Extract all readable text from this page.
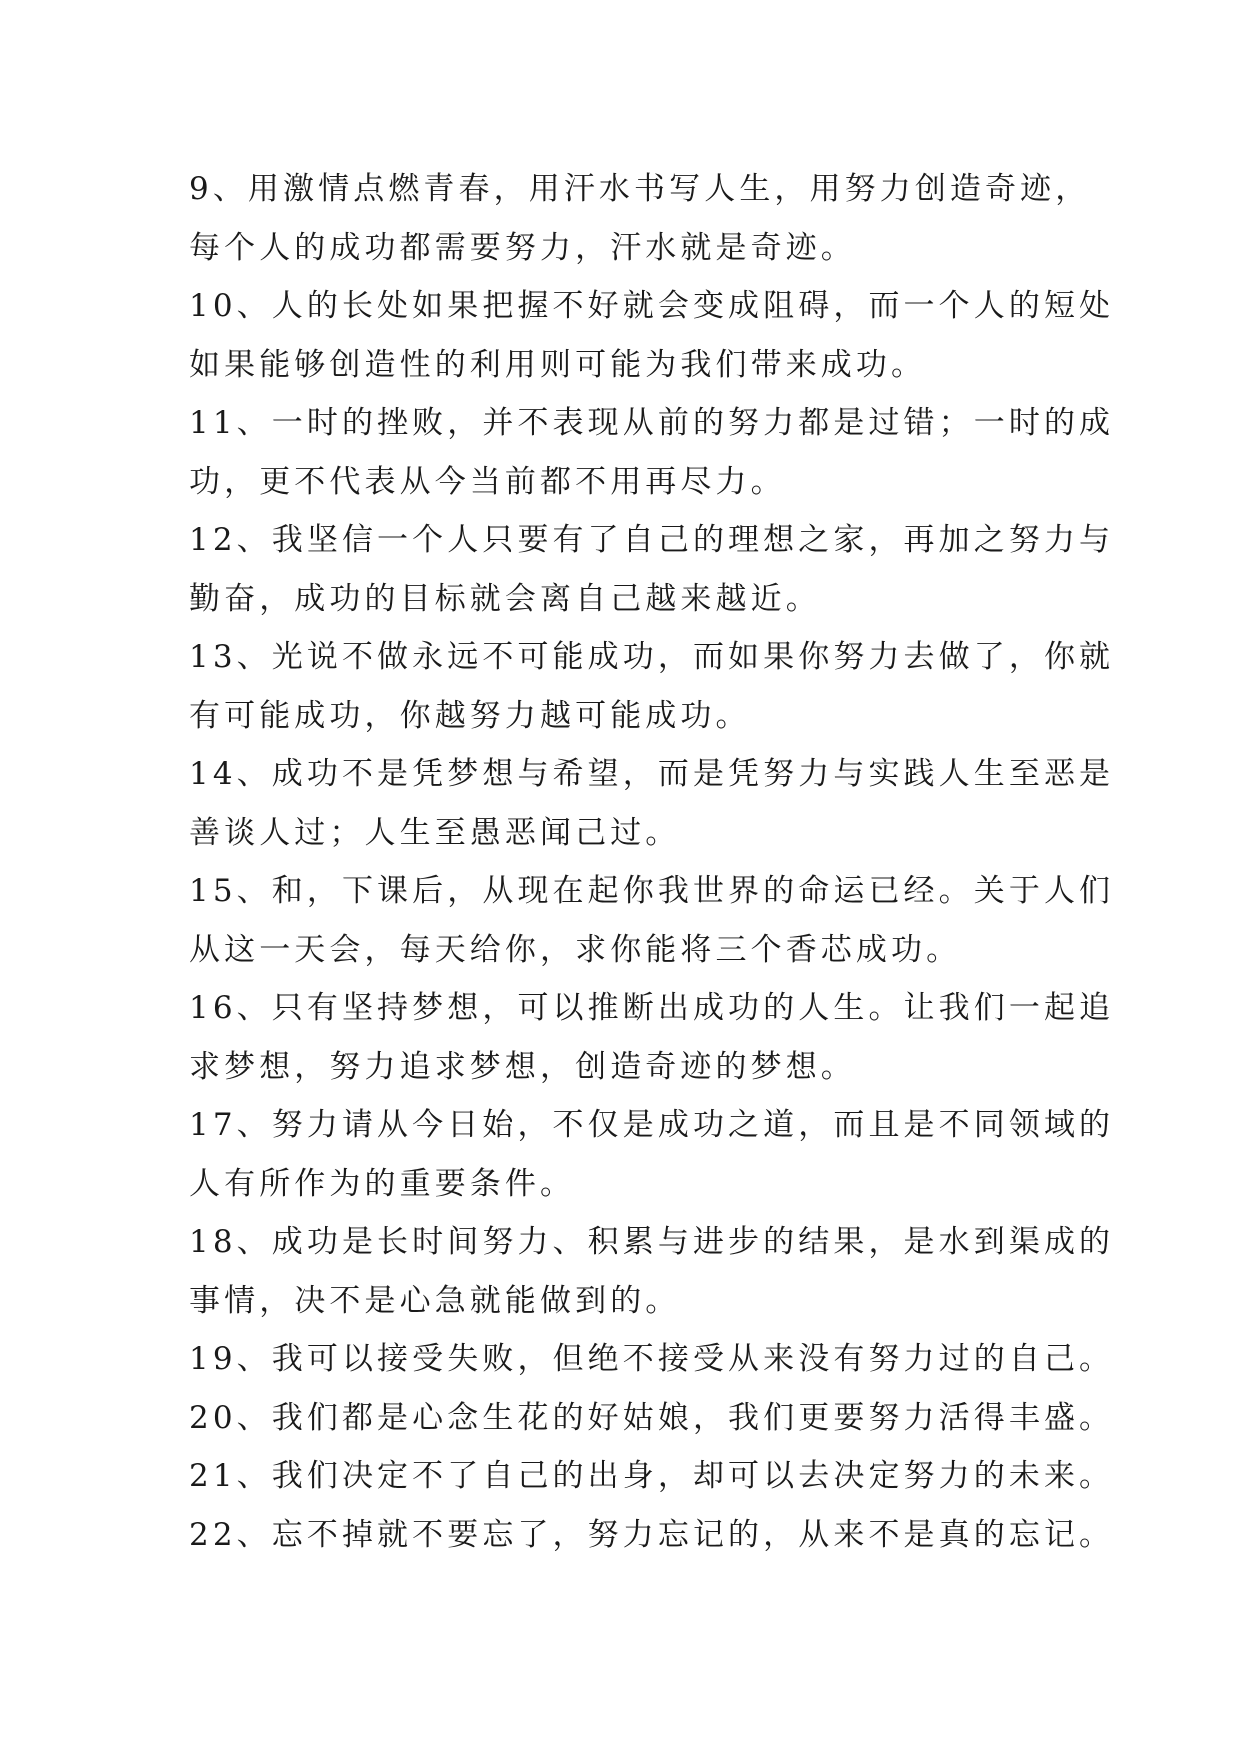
9、用激情点燃青春，用汗水书写人生，用努力创造奇迹，
每个人的成功都需要努力，汗水就是奇迹。
10、人的长处如果把握不好就会变成阻碍，而一个人的短处
如果能够创造性的利用则可能为我们带来成功。
11、一时的挫败，并不表现从前的努力都是过错；一时的成
功，更不代表从今当前都不用再尽力。
12、我坚信一个人只要有了自己的理想之家，再加之努力与
勤奋，成功的目标就会离自己越来越近。
13、光说不做永远不可能成功，而如果你努力去做了，你就
有可能成功，你越努力越可能成功。
14、成功不是凭梦想与希望，而是凭努力与实践人生至恶是
善谈人过；人生至愚恶闻己过。
15、和，下课后，从现在起你我世界的命运已经。关于人们
从这一天会，每天给你，求你能将三个香芯成功。
16、只有坚持梦想，可以推断出成功的人生。让我们一起追
求梦想，努力追求梦想，创造奇迹的梦想。
17、努力请从今日始，不仅是成功之道，而且是不同领域的
人有所作为的重要条件。
18、成功是长时间努力、积累与进步的结果，是水到渠成的
事情，决不是心急就能做到的。
19、我可以接受失败，但绝不接受从来没有努力过的自己。
20、我们都是心念生花的好姑娘，我们更要努力活得丰盛。
21、我们决定不了自己的出身，却可以去决定努力的未来。
22、忘不掉就不要忘了，努力忘记的，从来不是真的忘记。
